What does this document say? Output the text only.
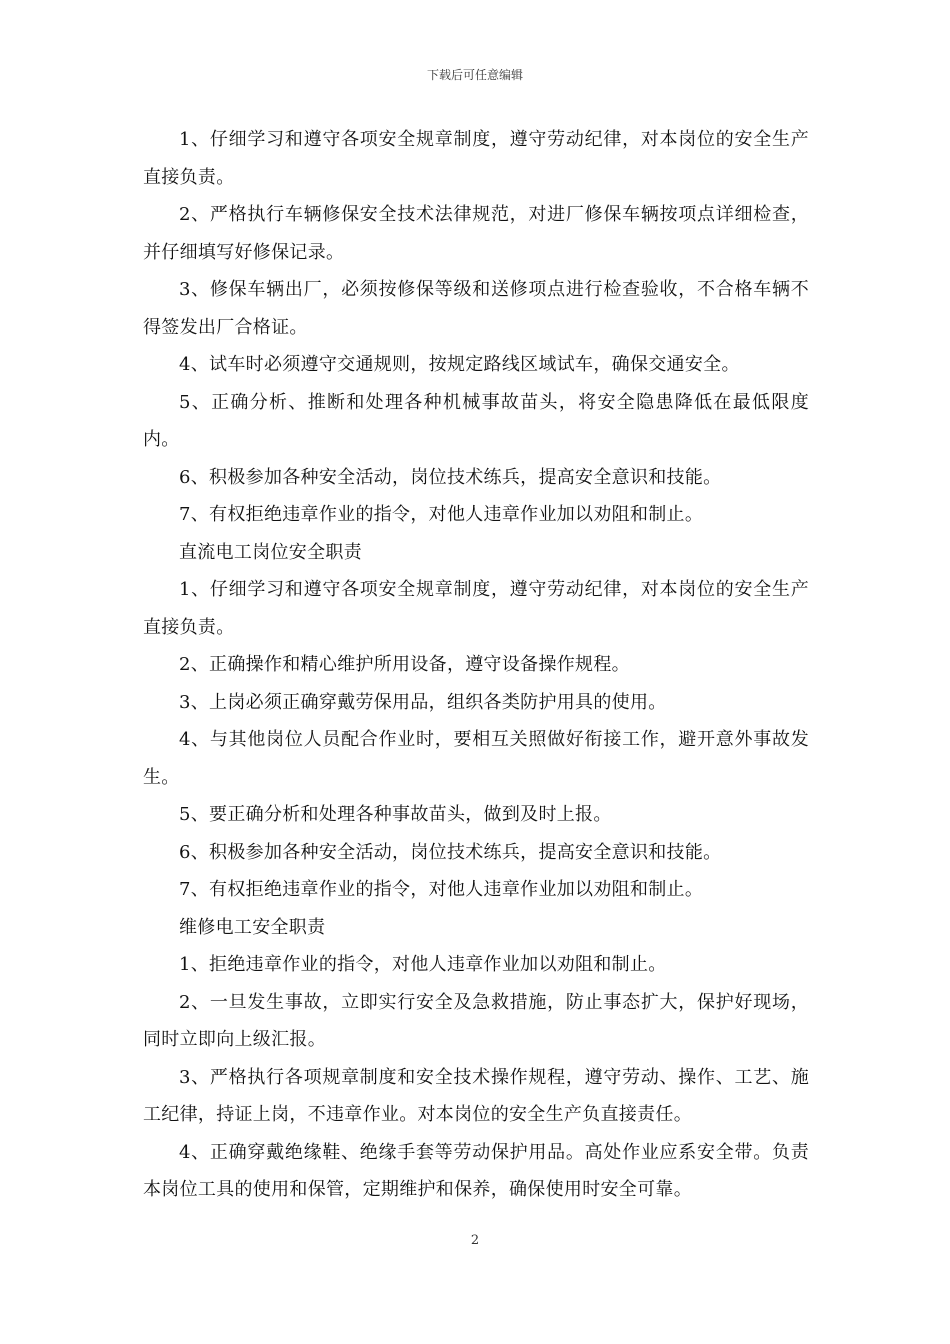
下载后可任意编辑

1、仔细学习和遵守各项安全规章制度，遵守劳动纪律，对本岗位的安全生产直接负责。

2、严格执行车辆修保安全技术法律规范，对进厂修保车辆按项点详细检查，并仔细填写好修保记录。

3、修保车辆出厂，必须按修保等级和送修项点进行检查验收，不合格车辆不得签发出厂合格证。

4、试车时必须遵守交通规则，按规定路线区域试车，确保交通安全。

5、正确分析、推断和处理各种机械事故苗头，将安全隐患降低在最低限度内。

6、积极参加各种安全活动，岗位技术练兵，提高安全意识和技能。

7、有权拒绝违章作业的指令，对他人违章作业加以劝阻和制止。

直流电工岗位安全职责

1、仔细学习和遵守各项安全规章制度，遵守劳动纪律，对本岗位的安全生产直接负责。

2、正确操作和精心维护所用设备，遵守设备操作规程。

3、上岗必须正确穿戴劳保用品，组织各类防护用具的使用。

4、与其他岗位人员配合作业时，要相互关照做好衔接工作，避开意外事故发生。

5、要正确分析和处理各种事故苗头，做到及时上报。

6、积极参加各种安全活动，岗位技术练兵，提高安全意识和技能。

7、有权拒绝违章作业的指令，对他人违章作业加以劝阻和制止。

维修电工安全职责

1、拒绝违章作业的指令，对他人违章作业加以劝阻和制止。

2、一旦发生事故，立即实行安全及急救措施，防止事态扩大，保护好现场，同时立即向上级汇报。

3、严格执行各项规章制度和安全技术操作规程，遵守劳动、操作、工艺、施工纪律，持证上岗，不违章作业。对本岗位的安全生产负直接责任。

4、正确穿戴绝缘鞋、绝缘手套等劳动保护用品。高处作业应系安全带。负责本岗位工具的使用和保管，定期维护和保养，确保使用时安全可靠。

2
